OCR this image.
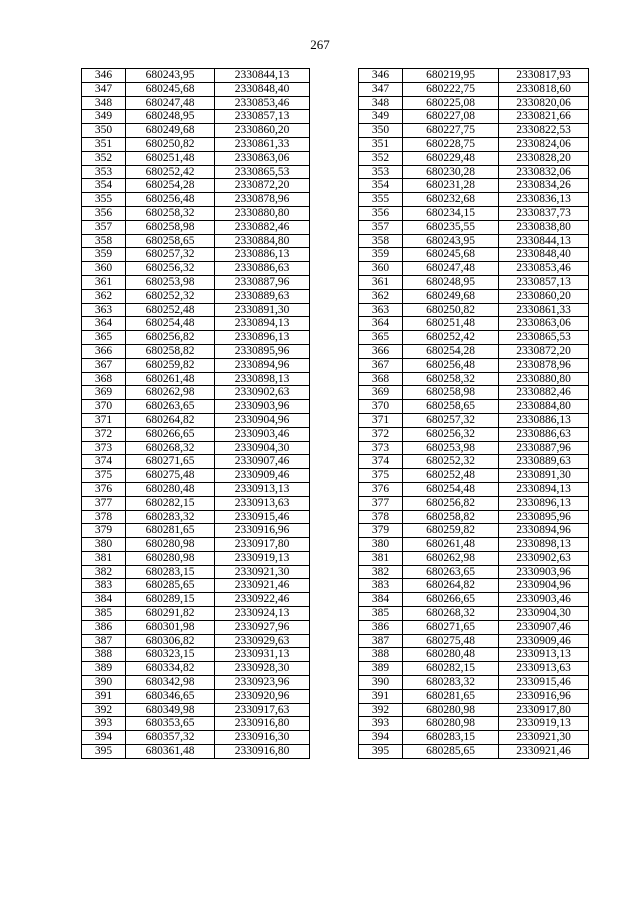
267
346	680243,95	2330844,13
347	680245,68	2330848,40
348	680247,48	2330853,46
349	680248,95	2330857,13
350	680249,68	2330860,20
351	680250,82	2330861,33
352	680251,48	2330863,06
353	680252,42	2330865,53
354	680254,28	2330872,20
355	680256,48	2330878,96
356	680258,32	2330880,80
357	680258,98	2330882,46
358	680258,65	2330884,80
359	680257,32	2330886,13
360	680256,32	2330886,63
361	680253,98	2330887,96
362	680252,32	2330889,63
363	680252,48	2330891,30
364	680254,48	2330894,13
365	680256,82	2330896,13
366	680258,82	2330895,96
367	680259,82	2330894,96
368	680261,48	2330898,13
369	680262,98	2330902,63
370	680263,65	2330903,96
371	680264,82	2330904,96
372	680266,65	2330903,46
373	680268,32	2330904,30
374	680271,65	2330907,46
375	680275,48	2330909,46
376	680280,48	2330913,13
377	680282,15	2330913,63
378	680283,32	2330915,46
379	680281,65	2330916,96
380	680280,98	2330917,80
381	680280,98	2330919,13
382	680283,15	2330921,30
383	680285,65	2330921,46
384	680289,15	2330922,46
385	680291,82	2330924,13
386	680301,98	2330927,96
387	680306,82	2330929,63
388	680323,15	2330931,13
389	680334,82	2330928,30
390	680342,98	2330923,96
391	680346,65	2330920,96
392	680349,98	2330917,63
393	680353,65	2330916,80
394	680357,32	2330916,30
395	680361,48	2330916,80
346	680219,95	2330817,93
347	680222,75	2330818,60
348	680225,08	2330820,06
349	680227,08	2330821,66
350	680227,75	2330822,53
351	680228,75	2330824,06
352	680229,48	2330828,20
353	680230,28	2330832,06
354	680231,28	2330834,26
355	680232,68	2330836,13
356	680234,15	2330837,73
357	680235,55	2330838,80
358	680243,95	2330844,13
359	680245,68	2330848,40
360	680247,48	2330853,46
361	680248,95	2330857,13
362	680249,68	2330860,20
363	680250,82	2330861,33
364	680251,48	2330863,06
365	680252,42	2330865,53
366	680254,28	2330872,20
367	680256,48	2330878,96
368	680258,32	2330880,80
369	680258,98	2330882,46
370	680258,65	2330884,80
371	680257,32	2330886,13
372	680256,32	2330886,63
373	680253,98	2330887,96
374	680252,32	2330889,63
375	680252,48	2330891,30
376	680254,48	2330894,13
377	680256,82	2330896,13
378	680258,82	2330895,96
379	680259,82	2330894,96
380	680261,48	2330898,13
381	680262,98	2330902,63
382	680263,65	2330903,96
383	680264,82	2330904,96
384	680266,65	2330903,46
385	680268,32	2330904,30
386	680271,65	2330907,46
387	680275,48	2330909,46
388	680280,48	2330913,13
389	680282,15	2330913,63
390	680283,32	2330915,46
391	680281,65	2330916,96
392	680280,98	2330917,80
393	680280,98	2330919,13
394	680283,15	2330921,30
395	680285,65	2330921,46
